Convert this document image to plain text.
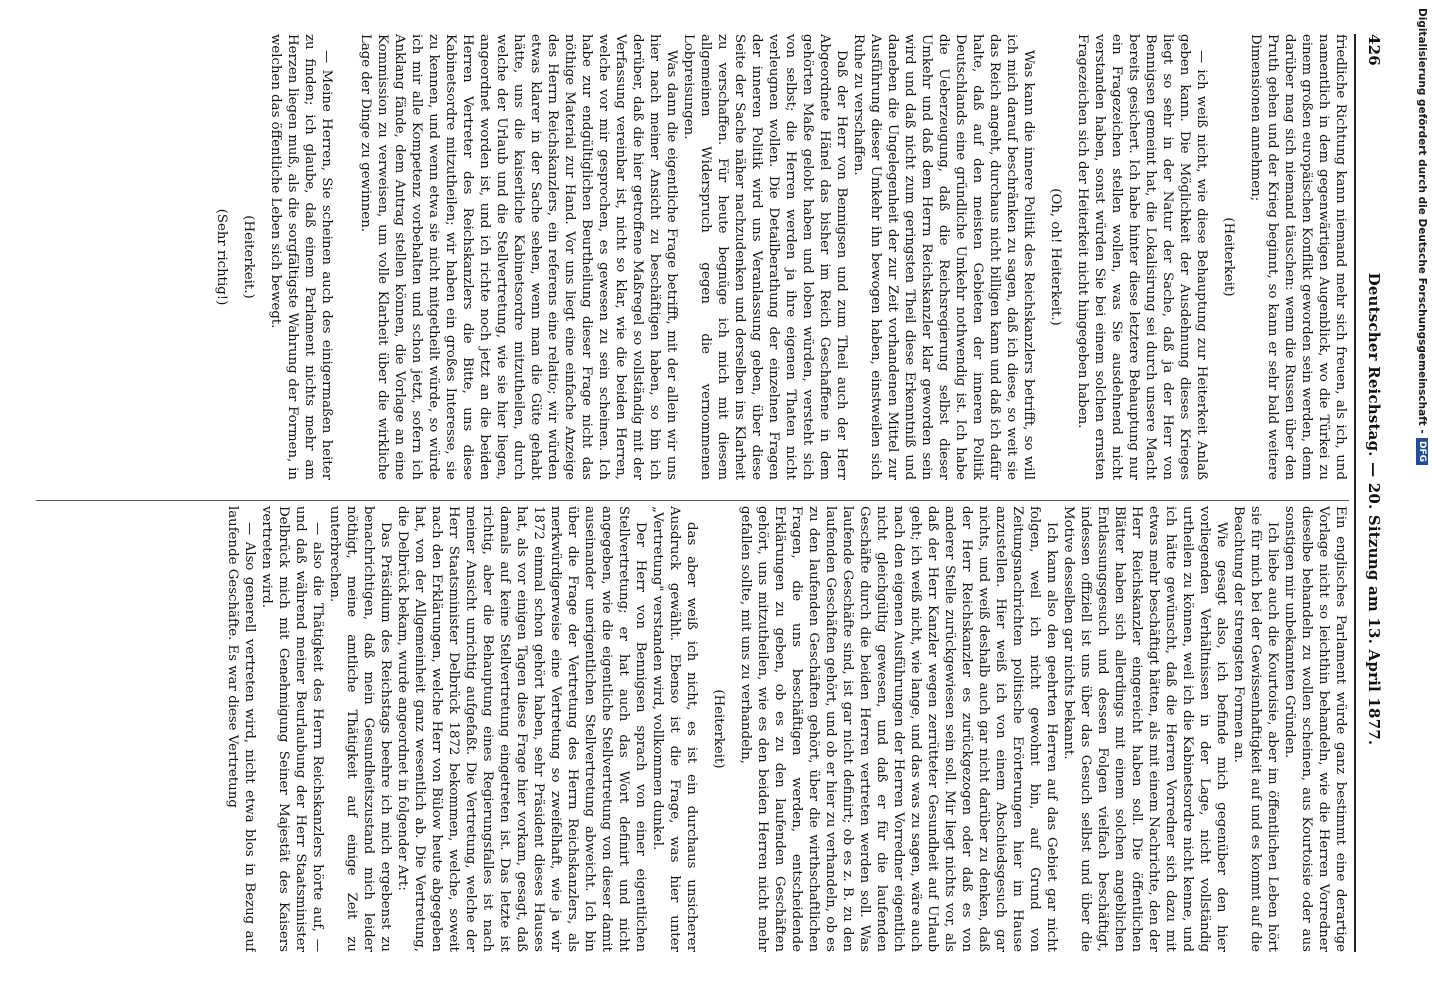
426
Deutscher Reichstag. — 20. Sitzung am 13. April 1877.

friedliche Richtung kann niemand mehr sich freuen, als ich, und namentlich in dem gegenwärtigen Augenblick, wo die Türkei zu einem großen europäischen Konflikt geworden sein werden, denn darüber mag sich niemand täuschen: wenn die Russen über den Pruth gehen und der Krieg beginnt, so kann er sehr bald weitere Dimensionen annehmen;

(Heiterkeit)

— ich weiß nicht, wie diese Behauptung zur Heiterkeit Anlaß geben kann. Die Möglichkeit der Ausdehnung dieses Krieges liegt so sehr in der Natur der Sache, daß ja der Herr von Bennigsen gemeint hat, die Lokalisirung sei durch unsere Macht bereits gesichert. Ich habe hinter diese letztere Behauptung nur ein Fragezeichen stellen wollen, was Sie ausdehnend nicht verstanden haben, sonst würden Sie bei einem solchen ernsten Fragezeichen sich der Heiterkeit nicht hingegeben haben.

(Oh, oh! Heiterkeit.)

Was kann die innere Politik des Reichskanzlers betrifft, so will ich mich darauf beschränken zu sagen, daß ich diese, so weit sie das Reich angeht, durchaus nicht billigen kann und daß ich dafür halte, daß auf den meisten Gebieten der inneren Politik Deutschlands eine gründliche Umkehr nothwendig ist. Ich habe die Ueberzeugung, daß die Reichsregierung selbst dieser Umkehr und daß dem Herrn Reichskanzler klar geworden sein wird und daß nicht zum geringsten Theil diese Erkenntniß und daneben die Ungelegenheit der zur Zeit vorhandenen Mittel zur Ausführung dieser Umkehr ihn bewogen haben, einstweilen sich Ruhe zu verschaffen.

Daß der Herr von Bennigsen und zum Theil auch der Herr Abgeordnete Hänel das bisher im Reich Geschaffene in dem gehörten Maße gelobt haben und loben würden, versteht sich von selbst; die Herren werden ja ihre eigenen Thaten nicht verleugnen wollen. Die Detailberathung der einzelnen Fragen der inneren Politik wird uns Veranlassung geben, über diese Seite der Sache näher nachzudenken und derselben ins Klarheit zu verschaffen. Für heute begnüge ich mich mit diesem allgemeinen Widerspruch gegen die vernommenen Lobpreisungen.

Was dann die eigentliche Frage betrifft, mit der allein wir uns hier nach meiner Ansicht zu beschäftigen haben, so bin ich derüber, daß die hier getroffene Maßregel so vollständig mit der Verfassung vereinbar ist, nicht so klar, wie die beiden Herren, welche vor mir gesprochen, es gewesen zu sein scheinen. Ich habe zur endgültiglichen Beurtheilung dieser Frage nicht das nöthige Material zur Hand. Vor uns liegt eine einfache Anzeige des Herrn Reichskanzlers, ein referens eine relatio; wir würden etwas klarer in der Sache sehen, wenn man die Güte gehabt hätte, uns die kaiserliche Kabinetsordre mitzutheilen, durch welche der Urlaub und die Stellvertretung, wie sie hier liegen, angeordnet worden ist, und ich richte noch jetzt an die beiden Herren Vertreter des Reichskanzlers die Bitte, uns diese Kabinetsordre mitzutheilen; wir haben ein großes Interesse, sie zu kennen, und wenn etwa sie nicht mitgetheilt würde, so würde ich mir alle Kompetenz vorbehalten und schon jetzt, sofern ich Anklang fände, dem Antrag stellen können, die Vorlage an eine Kommission zu verweisen, um volle Klarheit über die wirkliche Lage der Dinge zu gewinnen.

— Meine Herren, Sie scheinen auch des einigermaßen heiter zu finden; ich glaube, daß einem Parlament nichts mehr am Herzen liegen muß, als die sorgfältigste Wahrung der Formen, in welchen das öffentliche Leben sich bewegt.

(Heiterkeit.)

(Sehr richtig!)

Ein englisches Parlament würde ganz bestimmt eine derartige Vorlage nicht so leichthin behandeln, wie die Herren Vorredner dieselbe behandeln zu wollen scheinen, aus Kourtoisie oder aus sonstigen mir unbekannten Gründen.

Ich liebe auch die Kourtoisie, aber im öffentlichen Leben hört sie für mich bei der Gewissenhaftigkeit auf und es kommt auf die Beachtung der strengsten Formen an.

Wie gesagt also, ich befinde mich gegenüber den hier vorliegenden Verhältnissen in der Lage, nicht vollständig urtheilen zu können, weil ich die Kabinetsordre nicht kenne, und ich hätte gewünscht, daß die Herren Vorredner sich dazu mit etwas mehr beschäftigt hätten, als mit einem Nachrichte, den der Herr Reichskanzler eingereicht haben soll. Die öffentlichen Blätter haben sich allerdings mit einem solchen angeblichen Entlassungsgesuch und dessen Folgen vielfach beschäftigt, indessen offiziell ist uns über das Gesuch selbst und über die Motive desselben gar nichts bekannt.

Ich kann also den geehrten Herren auf das Gebiet gar nicht folgen, weil ich nicht gewohnt bin, auf Grund von Zeitungsnachrichten politische Erörterungen hier im Hause anzustellen. Hier weiß ich von einem Abschiedsgesuch gar nichts, und weiß deshalb auch gar nicht darüber zu denken, daß der Herr Reichskanzler es zurückgezogen oder daß es von anderer Stelle zurückgewiesen sein soll. Mir liegt nichts vor, als daß der Herr Kanzler wegen zerrütteter Gesundheit auf Urlaub geht; ich weiß nicht, wie lange, und das was zu sagen, wäre auch nach den eigenen Ausführungen der Herren Vorredner eigentlich nicht gleichgültig gewesen, und daß er für die laufenden Geschäfte durch die beiden Herren vertreten werden soll. Was laufende Geschäfte sind, ist gar nicht definirt; ob es z. B. zu den laufenden Geschäften gehört, und ob er hier zu verhandeln, ob es zu den laufenden Geschäften gehört, über die wirthschaftlichen Fragen, die uns beschäftigen werden, entscheidende Erklärungen zu geben, ob es zu den laufenden Geschäften gehört, uns mitzutheilen, wie es den beiden Herren nicht mehr gefallen sollte, mit uns zu verhandeln,

(Heiterkeit)

das aber weiß ich nicht, es ist ein durchaus unsicherer Ausdruck gewählt. Ebenso ist die Frage, was hier unter „Vertretung" verstanden wird, vollkommen dunkel.

Der Herr von Bennigsen sprach von einer eigentlichen Stellvertretung; er hat auch das Wort definirt und nicht angegeben, wie die eigentliche Stellvertretung von dieser damit auseinander unerigentlichen Stellvertretung abweicht. Ich bin über die Frage der Vertretung des Herrn Reichskanzlers, als merkwürdigerweise eine Vertretung so zweifelhaft, wie ja wir 1872 einmal schon gehört haben, sehr Präsident dieses Hauses hat, als vor einigen Tagen diese Frage hier vorkam, gesagt, daß damals auf keine Stellvertretung eingetreten ist. Das letzte ist richtig, aber die Behauptung eines Regierungsfalles ist nach meiner Ansicht unrichtig aufgefaßt. Die Vertretung, welche der Herr Staatsminister Delbrück 1872 bekommen, welche, soweit nach den Erklärungen, welche Herr von Bülow heute abgegeben hat, von der Allgemeinheit ganz wesentlich ab. Die Vertretung, die Delbrück bekam, wurde angeordnet in folgender Art:

Das Präsidium des Reichstags beehre ich mich ergebenst zu benachrichtigen, daß mein Gesundheitszustand mich leider nöthigt, meine amtliche Thätigkeit auf einige Zeit zu unterbrechen.

— also die Thätigkeit des Herrn Reichskanzlers hörte auf, — und daß während meiner Beurlaubung der Herr Staatsminister Delbrück mich mit Genehmigung Seiner Majestät des Kaisers vertreten wird.

— Also generell vertreten wird, nicht etwa blos in Bezug auf laufende Geschäfte. Es war diese Vertretung

Digitalisierung gefördert durch die Deutsche Forschungsgemeinschaft -
DFG
